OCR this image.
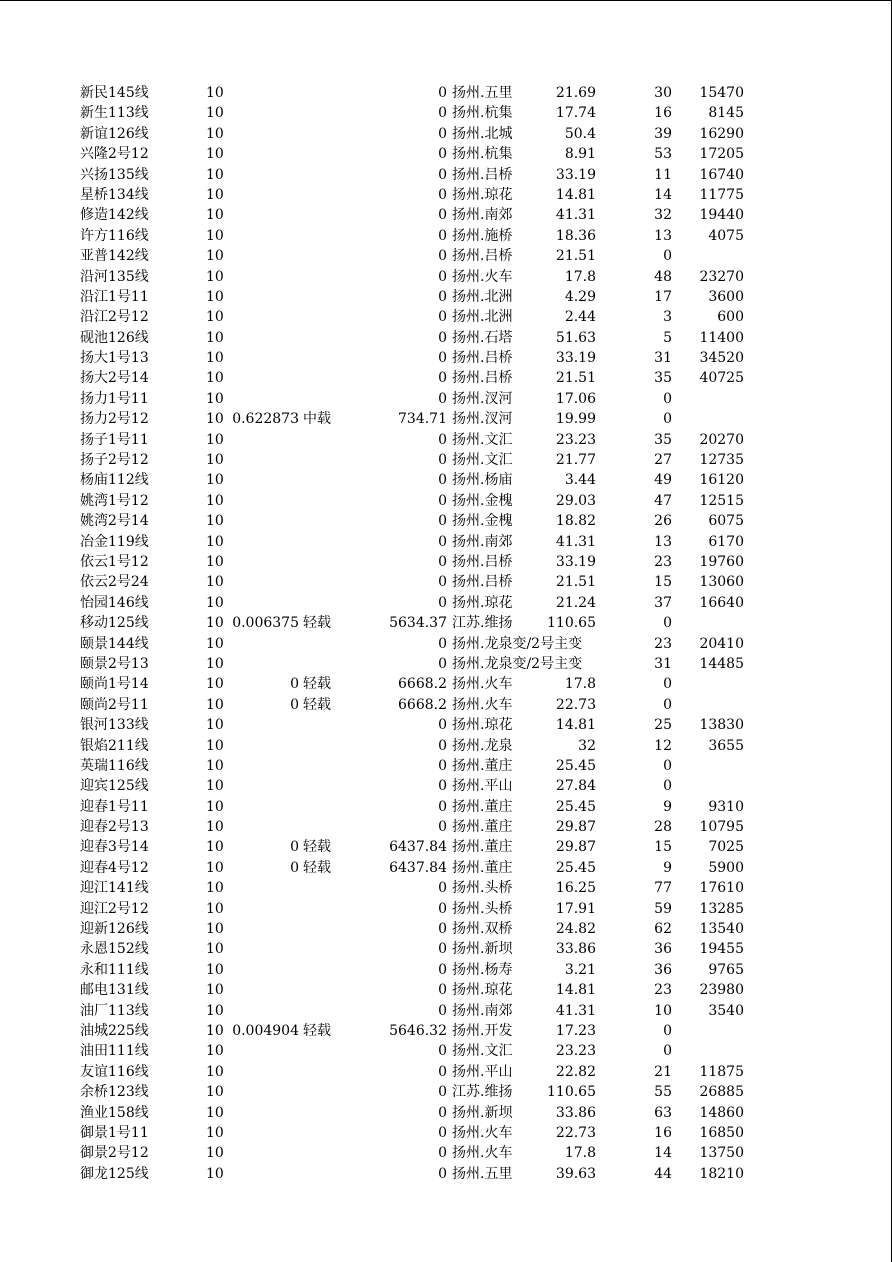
新民145线	10	0 扬州.五里	21.69	30	15470
新生113线	10	0 扬州.杭集	17.74	16	8145
新谊126线	10	0 扬州.北城	50.4	39	16290
兴隆2号12	10	0 扬州.杭集	8.91	53	17205
兴扬135线	10	0 扬州.吕桥	33.19	11	16740
星桥134线	10	0 扬州.琼花	14.81	14	11775
修造142线	10	0 扬州.南郊	41.31	32	19440
许方116线	10	0 扬州.施桥	18.36	13	4075
亚普142线	10	0 扬州.吕桥	21.51	0
沿河135线	10	0 扬州.火车	17.8	48	23270
沿江1号11	10	0 扬州.北洲	4.29	17	3600
沿江2号12	10	0 扬州.北洲	2.44	3	600
砚池126线	10	0 扬州.石塔	51.63	5	11400
扬大1号13	10	0 扬州.吕桥	33.19	31	34520
扬大2号14	10	0 扬州.吕桥	21.51	35	40725
扬力1号11	10	0 扬州.汊河	17.06	0
扬力2号12	10 0.622873 中载	734.71 扬州.汊河	19.99	0
扬子1号11	10	0 扬州.文汇	23.23	35	20270
扬子2号12	10	0 扬州.文汇	21.77	27	12735
杨庙112线	10	0 扬州.杨庙	3.44	49	16120
姚湾1号12	10	0 扬州.金槐	29.03	47	12515
姚湾2号14	10	0 扬州.金槐	18.82	26	6075
冶金119线	10	0 扬州.南郊	41.31	13	6170
依云1号12	10	0 扬州.吕桥	33.19	23	19760
依云2号24	10	0 扬州.吕桥	21.51	15	13060
怡园146线	10	0 扬州.琼花	21.24	37	16640
移动125线	10 0.006375 轻载	5634.37 江苏.维扬	110.65	0
颐景144线	10	0 扬州.龙泉变/2号主变	23	20410
颐景2号13	10	0 扬州.龙泉变/2号主变	31	14485
颐尚1号14	10	0 轻载	6668.2 扬州.火车	17.8	0
颐尚2号11	10	0 轻载	6668.2 扬州.火车	22.73	0
银河133线	10	0 扬州.琼花	14.81	25	13830
银焰211线	10	0 扬州.龙泉	32	12	3655
英瑞116线	10	0 扬州.董庄	25.45	0
迎宾125线	10	0 扬州.平山	27.84	0
迎春1号11	10	0 扬州.董庄	25.45	9	9310
迎春2号13	10	0 扬州.董庄	29.87	28	10795
迎春3号14	10	0 轻载	6437.84 扬州.董庄	29.87	15	7025
迎春4号12	10	0 轻载	6437.84 扬州.董庄	25.45	9	5900
迎江141线	10	0 扬州.头桥	16.25	77	17610
迎江2号12	10	0 扬州.头桥	17.91	59	13285
迎新126线	10	0 扬州.双桥	24.82	62	13540
永恩152线	10	0 扬州.新坝	33.86	36	19455
永和111线	10	0 扬州.杨寿	3.21	36	9765
邮电131线	10	0 扬州.琼花	14.81	23	23980
油厂113线	10	0 扬州.南郊	41.31	10	3540
油城225线	10 0.004904 轻载	5646.32 扬州.开发	17.23	0
油田111线	10	0 扬州.文汇	23.23	0
友谊116线	10	0 扬州.平山	22.82	21	11875
余桥123线	10	0 江苏.维扬	110.65	55	26885
渔业158线	10	0 扬州.新坝	33.86	63	14860
御景1号11	10	0 扬州.火车	22.73	16	16850
御景2号12	10	0 扬州.火车	17.8	14	13750
御龙125线	10	0 扬州.五里	39.63	44	18210
